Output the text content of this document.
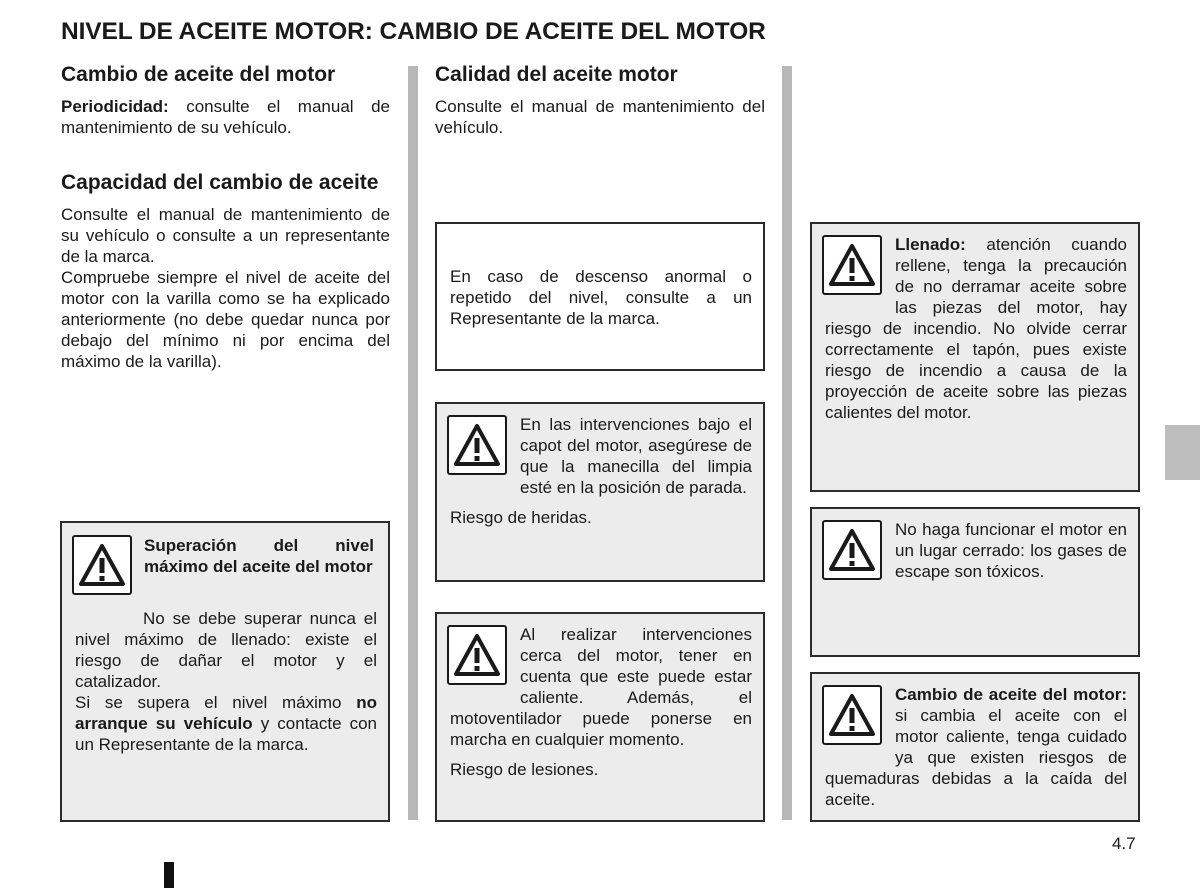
NIVEL DE ACEITE MOTOR: CAMBIO DE ACEITE DEL MOTOR
Cambio de aceite del motor

Periodicidad: consulte el manual de mantenimiento de su vehículo.

Capacidad del cambio de aceite

Consulte el manual de mantenimiento de su vehículo o consulte a un representante de la marca.

Compruebe siempre el nivel de aceite del motor con la varilla como se ha explicado anteriormente (no debe quedar nunca por debajo del mínimo ni por encima del máximo de la varilla).

Superación del nivel máximo del aceite del motor

No se debe superar nunca el nivel máximo de llenado: existe el riesgo de dañar el motor y el catalizador.

Si se supera el nivel máximo no arranque su vehículo y contacte con un Representante de la marca.

Calidad del aceite motor

Consulte el manual de mantenimiento del vehículo.

En caso de descenso anormal o repetido del nivel, consulte a un Representante de la marca.

En las intervenciones bajo el capot del motor, asegúrese de que la manecilla del limpia esté en la posición de parada.

Riesgo de heridas.

Al realizar intervenciones cerca del motor, tener en cuenta que este puede estar caliente. Además, el motoventilador puede ponerse en marcha en cualquier momento.

Riesgo de lesiones.

Llenado: atención cuando rellene, tenga la precaución de no derramar aceite sobre las piezas del motor, hay riesgo de incendio. No olvide cerrar correctamente el tapón, pues existe riesgo de incendio a causa de la proyección de aceite sobre las piezas calientes del motor.

No haga funcionar el motor en un lugar cerrado: los gases de escape son tóxicos.

Cambio de aceite del motor: si cambia el aceite con el motor caliente, tenga cuidado ya que existen riesgos de quemaduras debidas a la caída del aceite.

4.7
